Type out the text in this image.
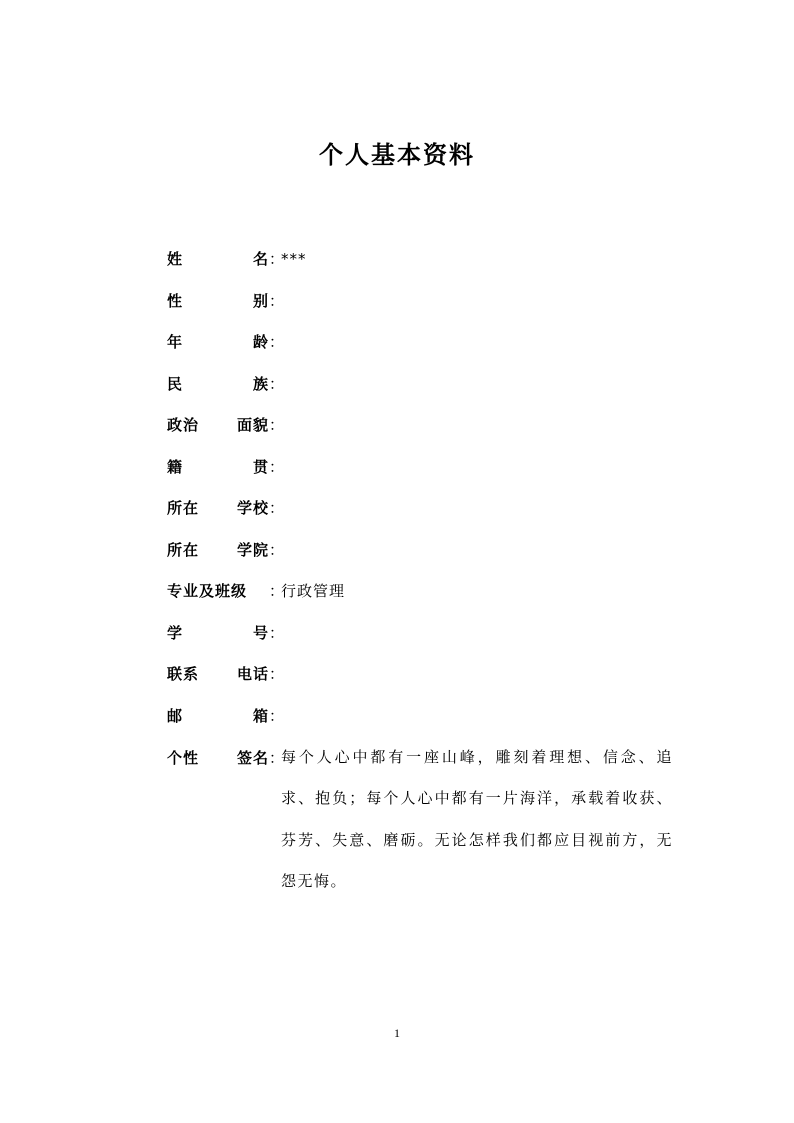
个人基本资料
姓	名 ：
***
性	别 ：
年	龄 ：
民	族 ：
政治	面貌 ：
籍	贯 ：
所在	学校 ：
所在	学院 ：
专业及班级	：
行政管理
学	号 ：
联系	电话 ：
邮	箱 ：
个性	签名 ：
每个人心中都有一座山峰，雕刻着理想、信念、追求、抱负；每个人心中都有一片海洋，承载着收获、芬芳、失意、磨砺。无论怎样我们都应目视前方，无怨无悔。
1
